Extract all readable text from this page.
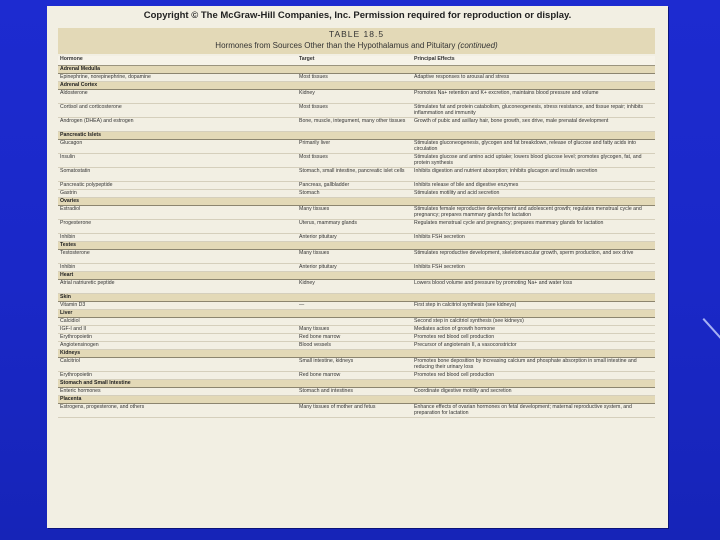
Copyright © The McGraw-Hill Companies, Inc. Permission required for reproduction or display.
TABLE 18.5
Hormones from Sources Other than the Hypothalamus and Pituitary (continued)
Hormone	Target	Principal Effects
Adrenal Medulla		
Epinephrine, norepinephrine, dopamine	Most tissues	Adaptive responses to arousal and stress
Adrenal Cortex		
Aldosterone	Kidney	Promotes Na+ retention and K+ excretion, maintains blood pressure and volume
Cortisol and corticosterone	Most tissues	Stimulates fat and protein catabolism, gluconeogenesis, stress resistance, and tissue repair; inhibits inflammation and immunity
Androgen (DHEA) and estrogen	Bone, muscle, integument, many other tissues	Growth of pubic and axillary hair, bone growth, sex drive, male prenatal development
Pancreatic Islets		
Glucagon	Primarily liver	Stimulates gluconeogenesis, glycogen and fat breakdown, release of glucose and fatty acids into circulation
Insulin	Most tissues	Stimulates glucose and amino acid uptake; lowers blood glucose level; promotes glycogen, fat, and protein synthesis
Somatostatin	Stomach, small intestine, pancreatic islet cells	Inhibits digestion and nutrient absorption; inhibits glucagon and insulin secretion
Pancreatic polypeptide	Pancreas, gallbladder	Inhibits release of bile and digestive enzymes
Gastrin	Stomach	Stimulates motility and acid secretion
Ovaries		
Estradiol	Many tissues	Stimulates female reproductive development and adolescent growth; regulates menstrual cycle and pregnancy; prepares mammary glands for lactation
Progesterone	Uterus, mammary glands	Regulates menstrual cycle and pregnancy; prepares mammary glands for lactation
Inhibin	Anterior pituitary	Inhibits FSH secretion
Testes		
Testosterone	Many tissues	Stimulates reproductive development, skeletomuscular growth, sperm production, and sex drive
Inhibin	Anterior pituitary	Inhibits FSH secretion
Heart		
Atrial natriuretic peptide	Kidney	Lowers blood volume and pressure by promoting Na+ and water loss
Skin		
Vitamin D3	—	First step in calcitriol synthesis (see kidneys)
Liver		
Calcidiol		Second step in calcitriol synthesis (see kidneys)
IGF-I and II	Many tissues	Mediates action of growth hormone
Erythropoietin	Red bone marrow	Promotes red blood cell production
Angiotensinogen	Blood vessels	Precursor of angiotensin II, a vasoconstrictor
Kidneys		
Calcitriol	Small intestine, kidneys	Promotes bone deposition by increasing calcium and phosphate absorption in small intestine and reducing their urinary loss
Erythropoietin	Red bone marrow	Promotes red blood cell production
Stomach and Small Intestine		
Enteric hormones	Stomach and intestines	Coordinate digestive motility and secretion
Placenta		
Estrogens, progesterone, and others	Many tissues of mother and fetus	Enhance effects of ovarian hormones on fetal development; maternal reproductive system, and preparation for lactation
